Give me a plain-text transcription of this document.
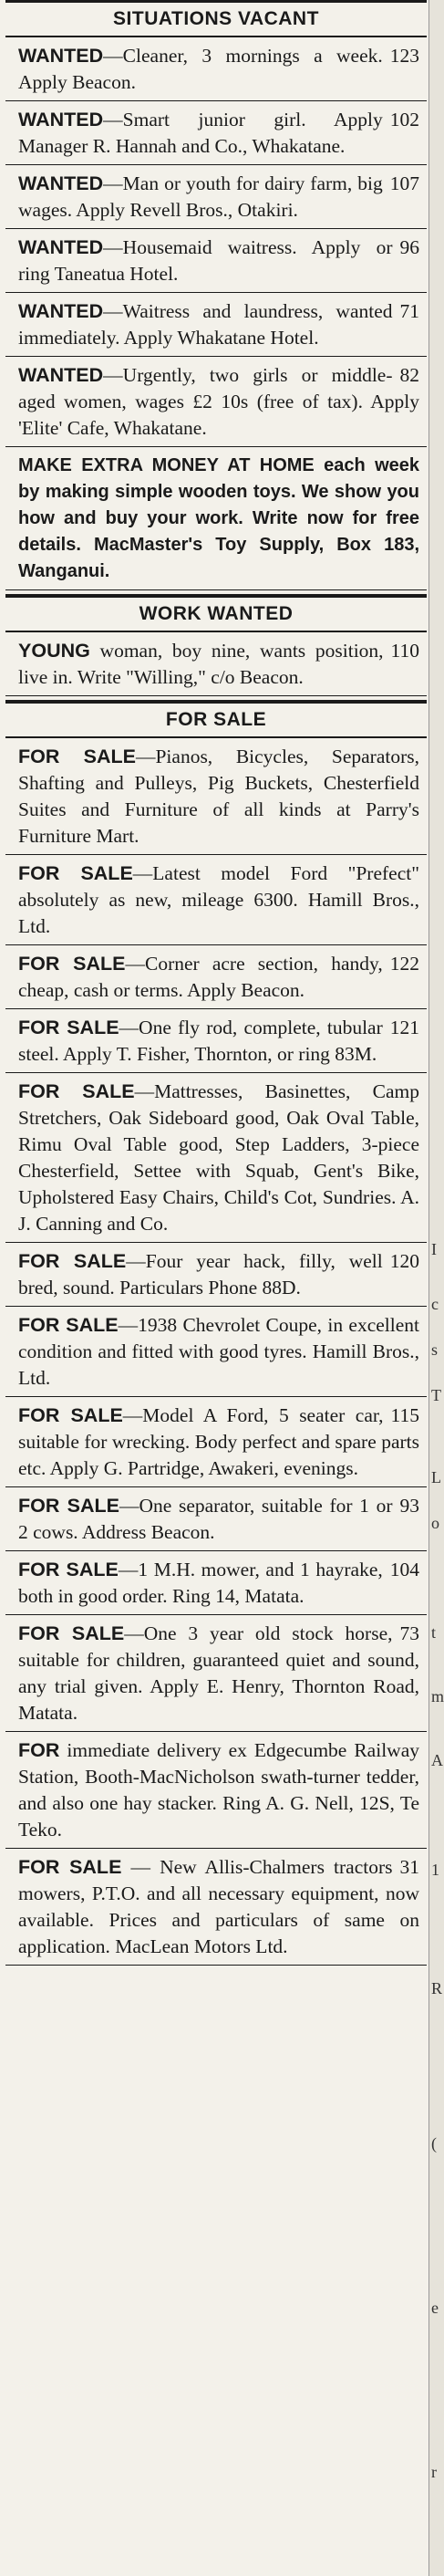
SITUATIONS VACANT
123
WANTED—Cleaner, 3 mornings a week. Apply Beacon.
102
WANTED—Smart junior girl. Apply Manager R. Hannah and Co., Whakatane.
107
WANTED—Man or youth for dairy farm, big wages. Apply Revell Bros., Otakiri.
96
WANTED—Housemaid waitress. Apply or ring Taneatua Hotel.
71
WANTED—Waitress and laundress, wanted immediately. Apply Whakatane Hotel.
82
WANTED—Urgently, two girls or middle-aged women, wages £2 10s (free of tax). Apply 'Elite' Cafe, Whakatane.
MAKE EXTRA MONEY AT HOME each week by making simple wooden toys. We show you how and buy your work. Write now for free details. MacMaster's Toy Supply, Box 183, Wanganui.
WORK WANTED
110
YOUNG woman, boy nine, wants position, live in. Write "Willing," c/o Beacon.
FOR SALE
FOR SALE—Pianos, Bicycles, Separators, Shafting and Pulleys, Pig Buckets, Chesterfield Suites and Furniture of all kinds at Parry's Furniture Mart.
FOR SALE—Latest model Ford "Prefect" absolutely as new, mileage 6300. Hamill Bros., Ltd.
122
FOR SALE—Corner acre section, handy, cheap, cash or terms. Apply Beacon.
121
FOR SALE—One fly rod, complete, tubular steel. Apply T. Fisher, Thornton, or ring 83M.
FOR SALE—Mattresses, Basinettes, Camp Stretchers, Oak Sideboard good, Oak Oval Table, Rimu Oval Table good, Step Ladders, 3-piece Chesterfield, Settee with Squab, Gent's Bike, Upholstered Easy Chairs, Child's Cot, Sundries. A. J. Canning and Co.
120
FOR SALE—Four year hack, filly, well bred, sound. Particulars Phone 88D.
FOR SALE—1938 Chevrolet Coupe, in excellent condition and fitted with good tyres. Hamill Bros., Ltd.
115
FOR SALE—Model A Ford, 5 seater car, suitable for wrecking. Body perfect and spare parts etc. Apply G. Partridge, Awakeri, evenings.
93
FOR SALE—One separator, suitable for 1 or 2 cows. Address Beacon.
104
FOR SALE—1 M.H. mower, and 1 hayrake, both in good order. Ring 14, Matata.
73
FOR SALE—One 3 year old stock horse, suitable for children, guaranteed quiet and sound, any trial given. Apply E. Henry, Thornton Road, Matata.
FOR immediate delivery ex Edgecumbe Railway Station, Booth-MacNicholson swath-turner tedder, and also one hay stacker. Ring A. G. Nell, 12S, Te Teko.
31
FOR SALE — New Allis-Chalmers tractors mowers, P.T.O. and all necessary equipment, now available. Prices and particulars of same on application. MacLean Motors Ltd.
I
c
s
T
L
o
t
m
A
1
R
(
e
r
